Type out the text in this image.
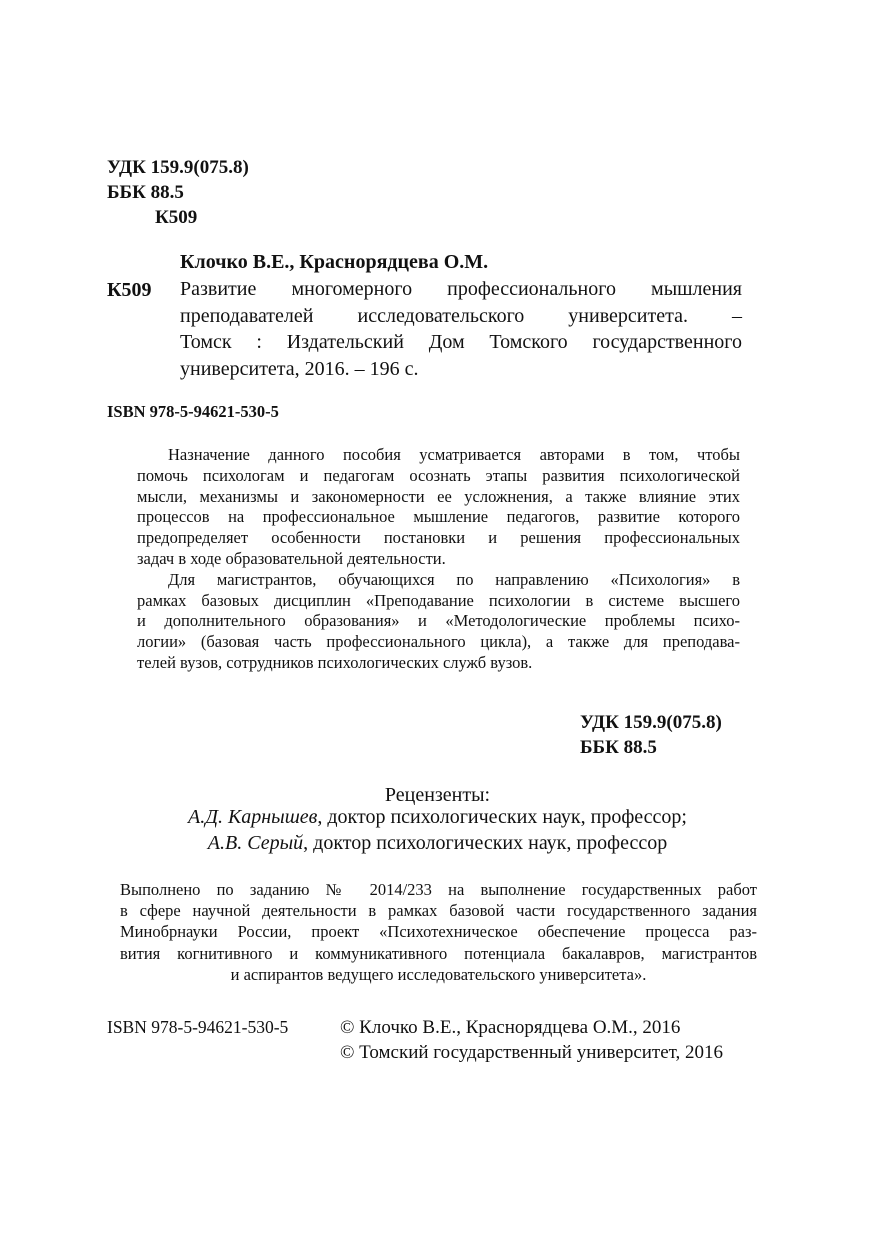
УДК 159.9(075.8)
ББК 88.5
К509
Клочко В.Е., Краснорядцева О.М.
К509 Развитие многомерного профессионального мышления
преподавателей исследовательского университета. –
Томск : Издательский Дом Томского государственного
университета, 2016. – 196 с.
ISBN 978-5-94621-530-5
Назначение данного пособия усматривается авторами в том, чтобы
помочь психологам и педагогам осознать этапы развития психологической
мысли, механизмы и закономерности ее усложнения, а также влияние этих
процессов на профессиональное мышление педагогов, развитие которого
предопределяет особенности постановки и решения профессиональных
задач в ходе образовательной деятельности.
Для магистрантов, обучающихся по направлению «Психология» в
рамках базовых дисциплин «Преподавание психологии в системе высшего
и дополнительного образования» и «Методологические проблемы психо-
логии» (базовая часть профессионального цикла), а также для преподава-
телей вузов, сотрудников психологических служб вузов.
УДК 159.9(075.8)
ББК 88.5
Рецензенты:
А.Д. Карнышев, доктор психологических наук, профессор;
А.В. Серый, доктор психологических наук, профессор
Выполнено по заданию № 2014/233 на выполнение государственных работ
в сфере научной деятельности в рамках базовой части государственного задания
Минобрнауки России, проект «Психотехническое обеспечение процесса раз-
вития когнитивного и коммуникативного потенциала бакалавров, магистрантов
и аспирантов ведущего исследовательского университета».
ISBN 978-5-94621-530-5	© Клочко В.Е., Краснорядцева О.М., 2016
© Томский государственный университет, 2016
